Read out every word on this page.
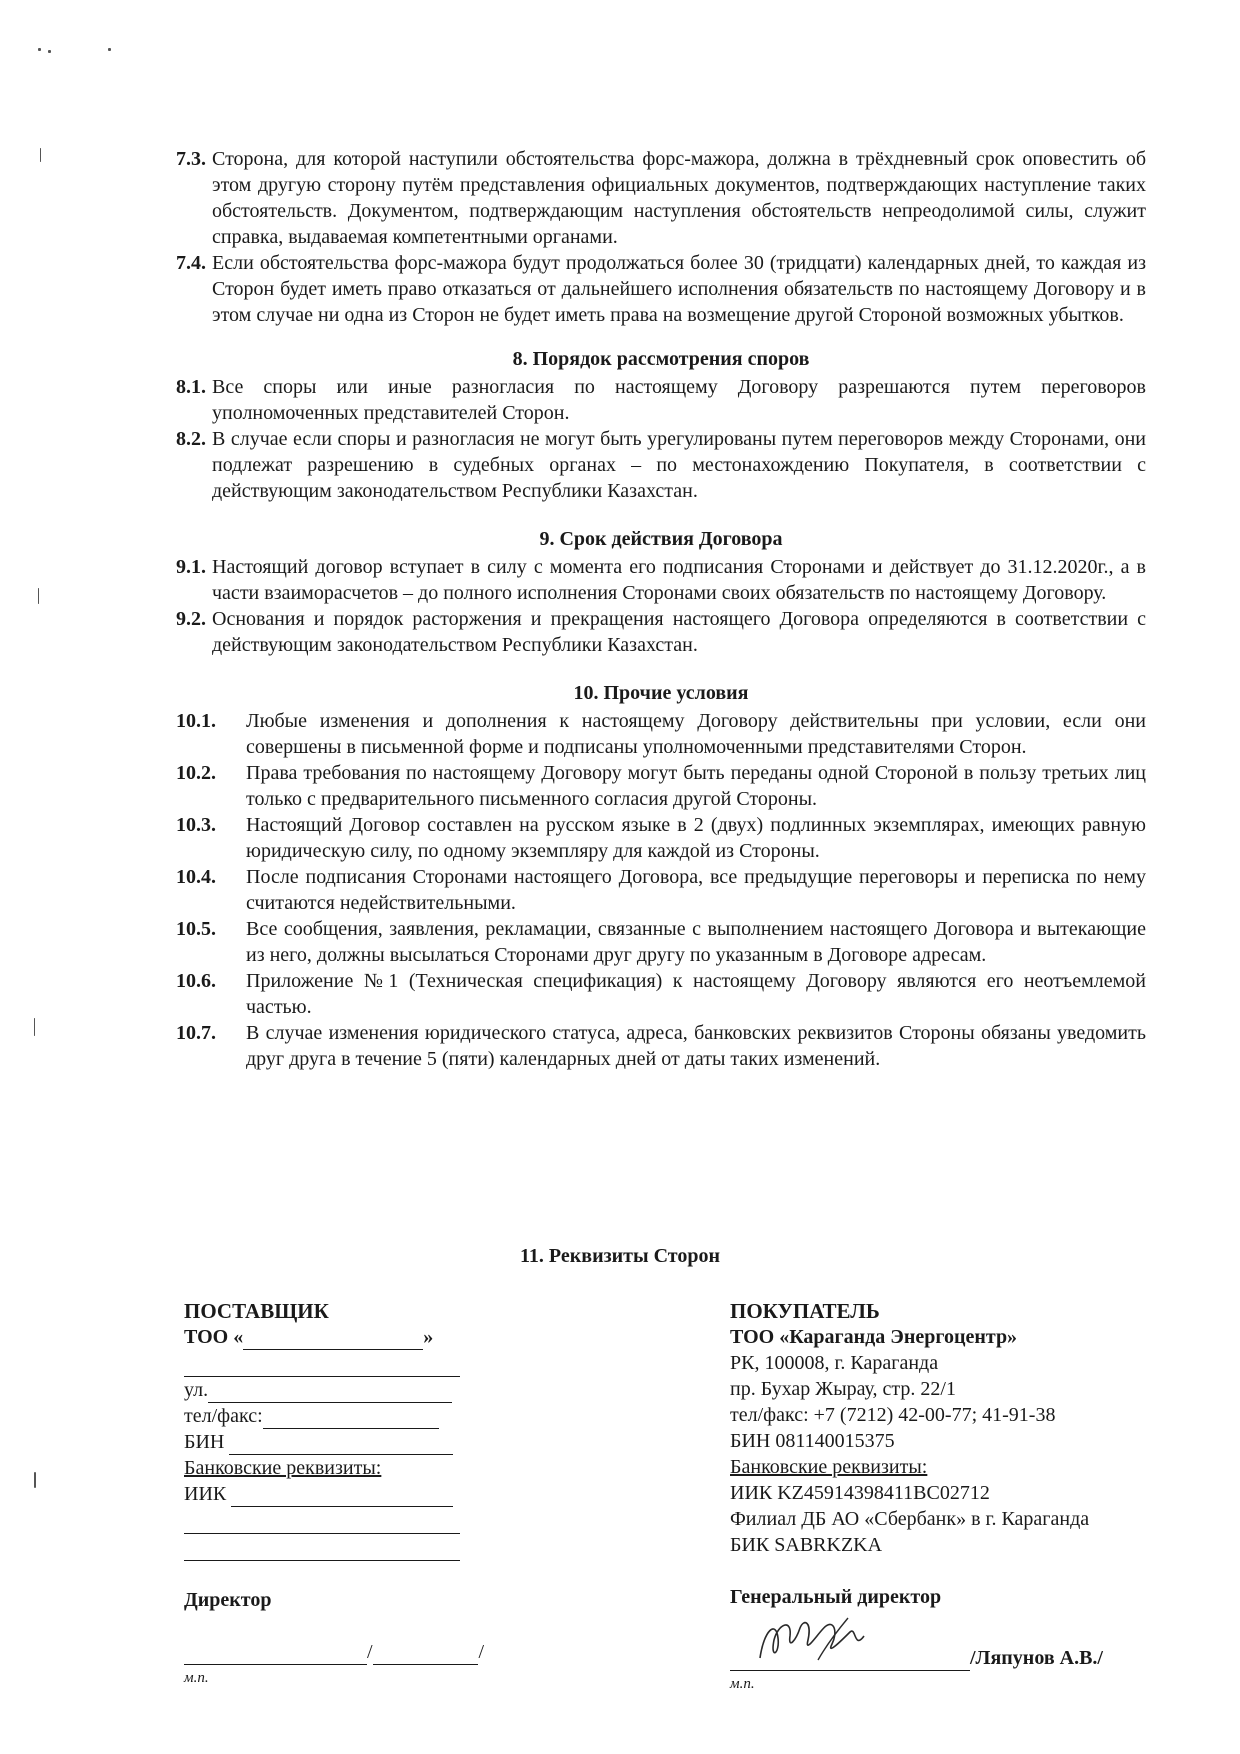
7.3. Сторона, для которой наступили обстоятельства форс-мажора, должна в трёхдневный срок оповестить об этом другую сторону путём представления официальных документов, подтверждающих наступление таких обстоятельств. Документом, подтверждающим наступления обстоятельств непреодолимой силы, служит справка, выдаваемая компетентными органами.
7.4. Если обстоятельства форс-мажора будут продолжаться более 30 (тридцати) календарных дней, то каждая из Сторон будет иметь право отказаться от дальнейшего исполнения обязательств по настоящему Договору и в этом случае ни одна из Сторон не будет иметь права на возмещение другой Стороной возможных убытков.
8. Порядок рассмотрения споров
8.1. Все споры или иные разногласия по настоящему Договору разрешаются путем переговоров уполномоченных представителей Сторон.
8.2. В случае если споры и разногласия не могут быть урегулированы путем переговоров между Сторонами, они подлежат разрешению в судебных органах – по местонахождению Покупателя, в соответствии с действующим законодательством Республики Казахстан.
9. Срок действия Договора
9.1. Настоящий договор вступает в силу с момента его подписания Сторонами и действует до 31.12.2020г., а в части взаиморасчетов – до полного исполнения Сторонами своих обязательств по настоящему Договору.
9.2. Основания и порядок расторжения и прекращения настоящего Договора определяются в соответствии с действующим законодательством Республики Казахстан.
10. Прочие условия
10.1.	Любые изменения и дополнения к настоящему Договору действительны при условии, если они совершены в письменной форме и подписаны уполномоченными представителями Сторон.
10.2.	Права требования по настоящему Договору могут быть переданы одной Стороной в пользу третьих лиц только с предварительного письменного согласия другой Стороны.
10.3.	Настоящий Договор составлен на русском языке в 2 (двух) подлинных экземплярах, имеющих равную юридическую силу, по одному экземпляру для каждой из Стороны.
10.4.	После подписания Сторонами настоящего Договора, все предыдущие переговоры и переписка по нему считаются недействительными.
10.5.	Все сообщения, заявления, рекламации, связанные с выполнением настоящего Договора и вытекающие из него, должны высылаться Сторонами друг другу по указанным в Договоре адресам.
10.6.	Приложение №1 (Техническая спецификация) к настоящему Договору являются его неотъемлемой частью.
10.7.	В случае изменения юридического статуса, адреса, банковских реквизитов Стороны обязаны уведомить друг друга в течение 5 (пяти) календарных дней от даты таких изменений.
11. Реквизиты Сторон
ПОСТАВЩИК
ТОО «	»
ул.
тел/факс:
БИН
Банковские реквизиты:
ИИК
Директор
/	/
м.п.
ПОКУПАТЕЛЬ
ТОО «Караганда Энергоцентр»
РК, 100008, г. Караганда
пр. Бухар Жырау, стр. 22/1
тел/факс: +7 (7212) 42-00-77; 41-91-38
БИН 081140015375
Банковские реквизиты:
ИИК KZ45914398411BC02712
Филиал ДБ АО «Сбербанк» в г. Караганда
БИК SABRKZKA
Генеральный директор
/Ляпунов А.В./
м.п.
